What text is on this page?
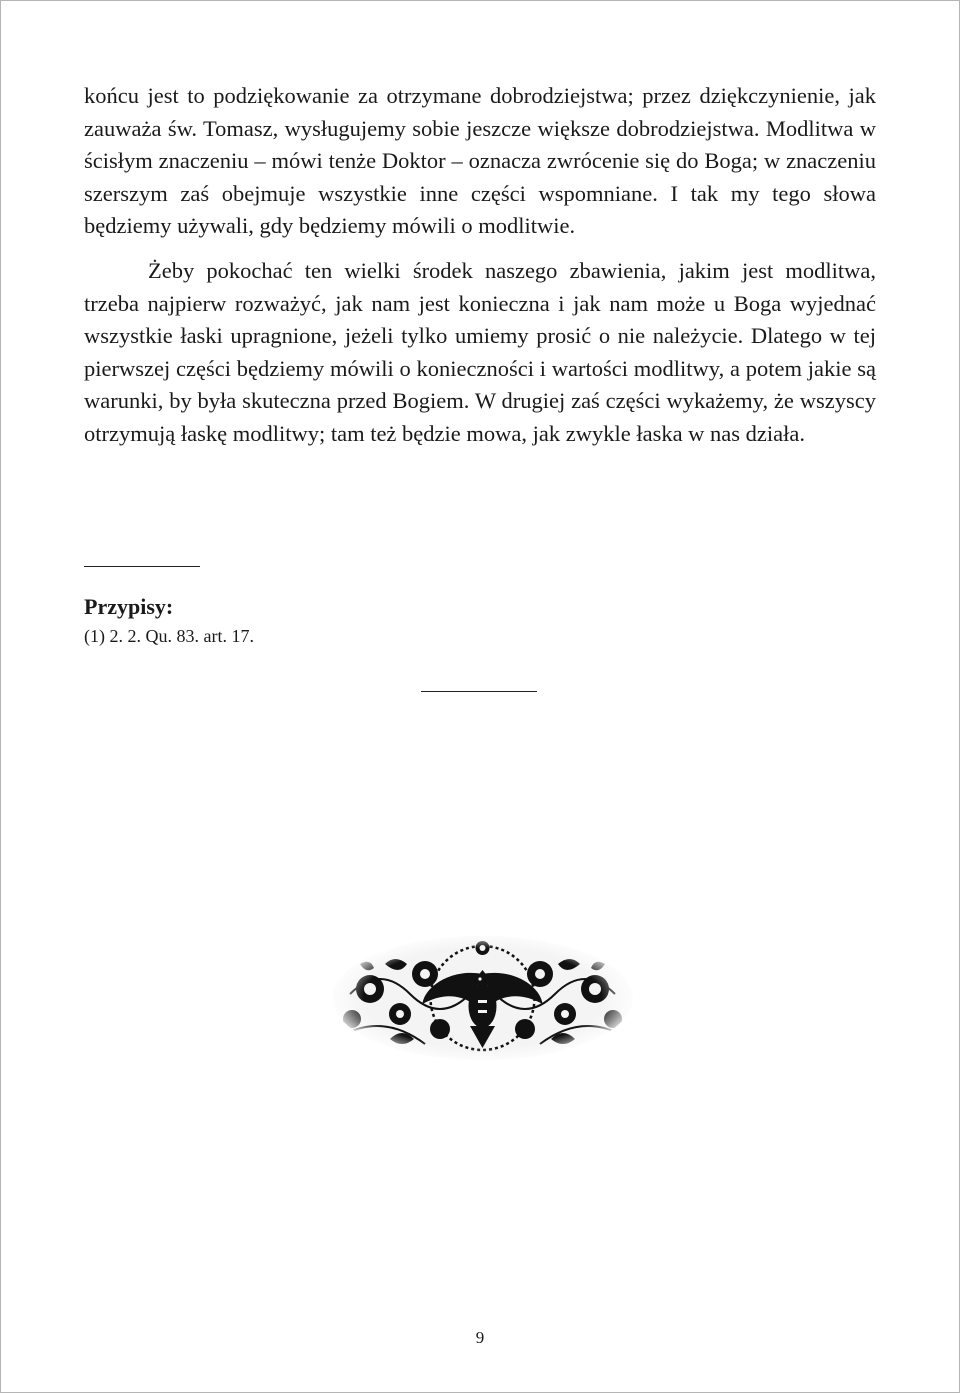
końcu jest to podziękowanie za otrzymane dobrodziejstwa; przez dziękczynienie, jak zauważa św. Tomasz, wysługujemy sobie jeszcze większe dobrodziejstwa. Modlitwa w ścisłym znaczeniu – mówi tenże Doktor – oznacza zwrócenie się do Boga; w znaczeniu szerszym zaś obejmuje wszystkie inne części wspomniane. I tak my tego słowa będziemy używali, gdy będziemy mówili o modlitwie.

Żeby pokochać ten wielki środek naszego zbawienia, jakim jest modlitwa, trzeba najpierw rozważyć, jak nam jest konieczna i jak nam może u Boga wyjednać wszystkie łaski upragnione, jeżeli tylko umiemy prosić o nie należycie. Dlatego w tej pierwszej części będziemy mówili o konieczności i wartości modlitwy, a potem jakie są warunki, by była skuteczna przed Bogiem. W drugiej zaś części wykażemy, że wszyscy otrzymują łaskę modlitwy; tam też będzie mowa, jak zwykle łaska w nas działa.

Przypisy:

(1) 2. 2. Qu. 83. art. 17.

9
